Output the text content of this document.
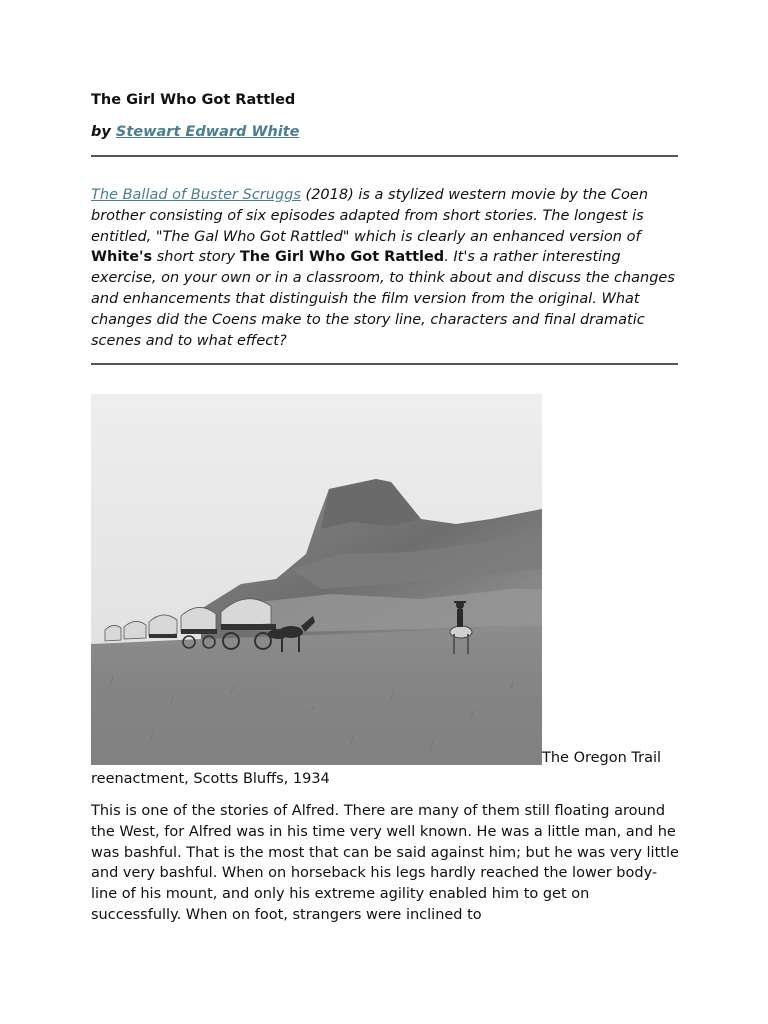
The Girl Who Got Rattled

by Stewart Edward White

The Ballad of Buster Scruggs (2018) is a stylized western movie by the Coen brother consisting of six episodes adapted from short stories. The longest is entitled, "The Gal Who Got Rattled" which is clearly an enhanced version of White's short story The Girl Who Got Rattled. It's a rather interesting exercise, on your own or in a classroom, to think about and discuss the changes and enhancements that distinguish the film version from the original. What changes did the Coens make to the story line, characters and final dramatic scenes and to what effect?

The Oregon Trail reenactment, Scotts Bluffs, 1934

This is one of the stories of Alfred. There are many of them still floating around the West, for Alfred was in his time very well known. He was a little man, and he was bashful. That is the most that can be said against him; but he was very little and very bashful. When on horseback his legs hardly reached the lower body-line of his mount, and only his extreme agility enabled him to get on successfully. When on foot, strangers were inclined to
